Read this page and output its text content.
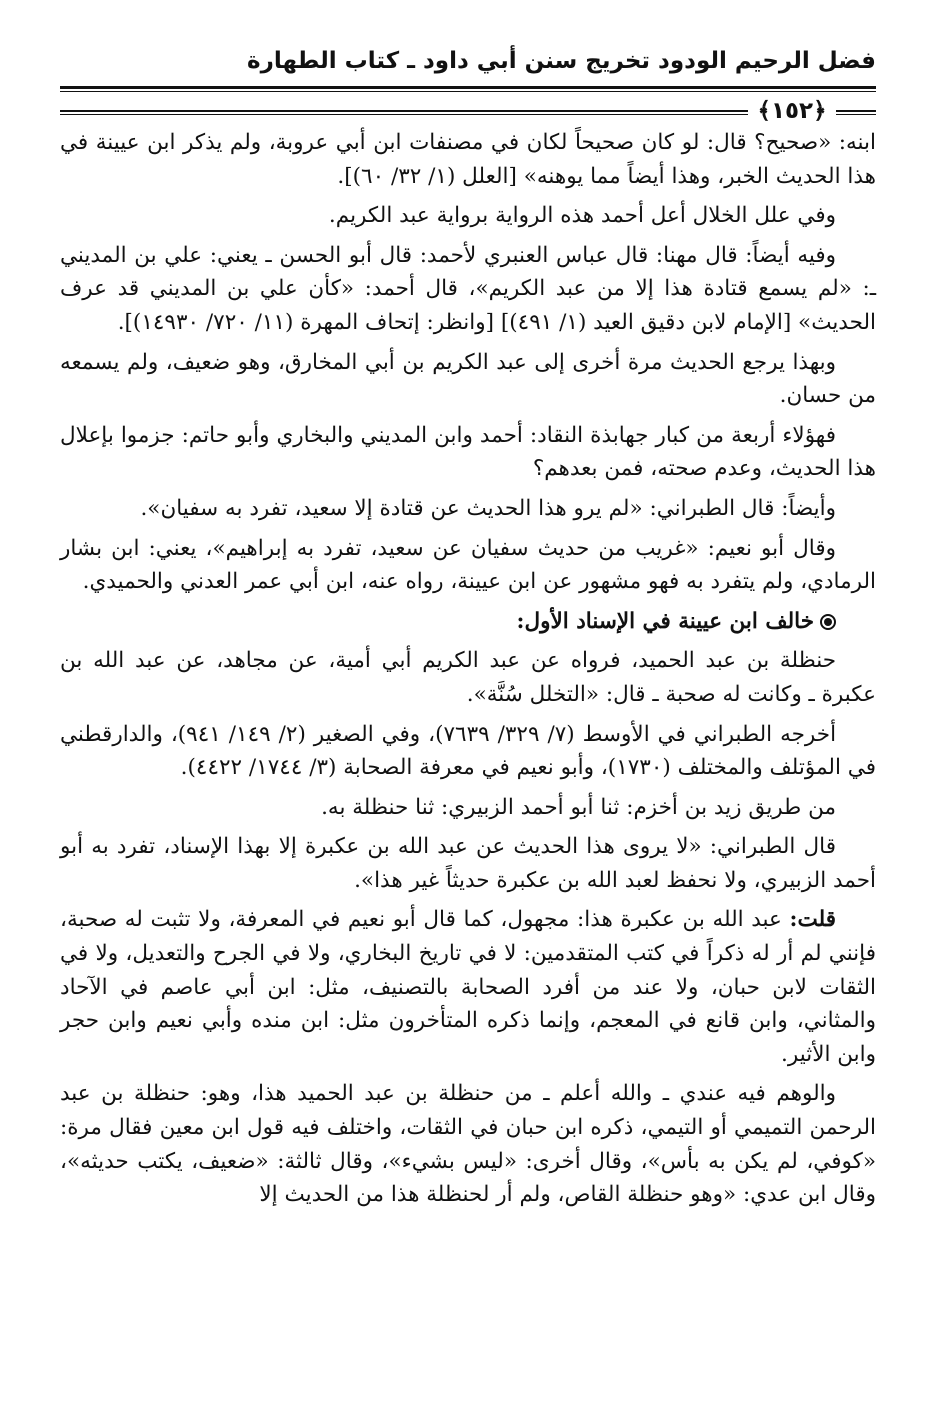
فضل الرحيم الودود تخريج سنن أبي داود ـ كتاب الطهارة
﴿١٥٢﴾

ابنه: «صحيح؟ قال: لو كان صحيحاً لكان في مصنفات ابن أبي عروبة، ولم يذكر ابن عيينة في هذا الحديث الخبر، وهذا أيضاً مما يوهنه» [العلل (١/ ٣٢/ ٦٠)].

وفي علل الخلال أعل أحمد هذه الرواية برواية عبد الكريم.

وفيه أيضاً: قال مهنا: قال عباس العنبري لأحمد: قال أبو الحسن ـ يعني: علي بن المديني ـ: «لم يسمع قتادة هذا إلا من عبد الكريم»، قال أحمد: «كأن علي بن المديني قد عرف الحديث» [الإمام لابن دقيق العيد (١/ ٤٩١)] [وانظر: إتحاف المهرة (١١/ ٧٢٠/ ١٤٩٣٠)].

وبهذا يرجع الحديث مرة أخرى إلى عبد الكريم بن أبي المخارق، وهو ضعيف، ولم يسمعه من حسان.

فهؤلاء أربعة من كبار جهابذة النقاد: أحمد وابن المديني والبخاري وأبو حاتم: جزموا بإعلال هذا الحديث، وعدم صحته، فمن بعدهم؟

وأيضاً: قال الطبراني: «لم يرو هذا الحديث عن قتادة إلا سعيد، تفرد به سفيان».

وقال أبو نعيم: «غريب من حديث سفيان عن سعيد، تفرد به إبراهيم»، يعني: ابن بشار الرمادي، ولم يتفرد به فهو مشهور عن ابن عيينة، رواه عنه، ابن أبي عمر العدني والحميدي.

خالف ابن عيينة في الإسناد الأول:

حنظلة بن عبد الحميد، فرواه عن عبد الكريم أبي أمية، عن مجاهد، عن عبد الله بن عكبرة ـ وكانت له صحبة ـ قال: «التخلل سُنَّة».

أخرجه الطبراني في الأوسط (٧/ ٣٢٩/ ٧٦٣٩)، وفي الصغير (٢/ ١٤٩/ ٩٤١)، والدارقطني في المؤتلف والمختلف (١٧٣٠)، وأبو نعيم في معرفة الصحابة (٣/ ١٧٤٤/ ٤٤٢٢).

من طريق زيد بن أخزم: ثنا أبو أحمد الزبيري: ثنا حنظلة به.

قال الطبراني: «لا يروى هذا الحديث عن عبد الله بن عكبرة إلا بهذا الإسناد، تفرد به أبو أحمد الزبيري، ولا نحفظ لعبد الله بن عكبرة حديثاً غير هذا».

قلت: عبد الله بن عكبرة هذا: مجهول، كما قال أبو نعيم في المعرفة، ولا تثبت له صحبة، فإنني لم أر له ذكراً في كتب المتقدمين: لا في تاريخ البخاري، ولا في الجرح والتعديل، ولا في الثقات لابن حبان، ولا عند من أفرد الصحابة بالتصنيف، مثل: ابن أبي عاصم في الآحاد والمثاني، وابن قانع في المعجم، وإنما ذكره المتأخرون مثل: ابن منده وأبي نعيم وابن حجر وابن الأثير.

والوهم فيه عندي ـ والله أعلم ـ من حنظلة بن عبد الحميد هذا، وهو: حنظلة بن عبد الرحمن التميمي أو التيمي، ذكره ابن حبان في الثقات، واختلف فيه قول ابن معين فقال مرة: «كوفي، لم يكن به بأس»، وقال أخرى: «ليس بشيء»، وقال ثالثة: «ضعيف، يكتب حديثه»، وقال ابن عدي: «وهو حنظلة القاص، ولم أر لحنظلة هذا من الحديث إلا
